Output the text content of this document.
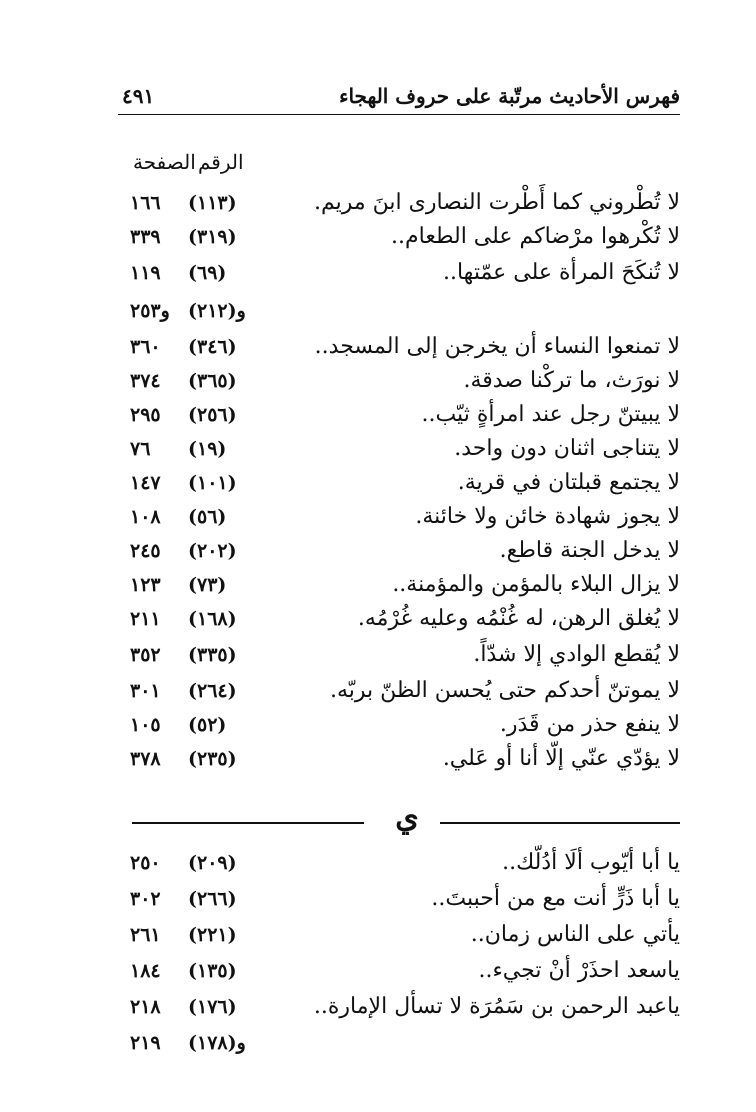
فهرس الأحاديث مرتّبة على حروف الهجاء
٤٩١
الرقم
الصفحة
لا تُطْروني كما أَطْرت النصارى ابنَ مريم.
(١١٣)
١٦٦
لا تُكْرهوا مرْضاكم على الطعام..
(٣١٩)
٣٣٩
لا تُنكَحَ المرأة على عمّتها..
(٦٩)
١١٩
و(٢١٢)
و٢٥٣
لا تمنعوا النساء أن يخرجن إلى المسجد..
(٣٤٦)
٣٦٠
لا نورَث، ما تركْنا صدقة.
(٣٦٥)
٣٧٤
لا يبيتنّ رجل عند امرأةٍ ثيّب..
(٢٥٦)
٢٩٥
لا يتناجى اثنان دون واحد.
(١٩)
٧٦
لا يجتمع قبلتان في قرية.
(١٠١)
١٤٧
لا يجوز شهادة خائن ولا خائنة.
(٥٦)
١٠٨
لا يدخل الجنة قاطع.
(٢٠٢)
٢٤٥
لا يزال البلاء بالمؤمن والمؤمنة..
(٧٣)
١٢٣
لا يُغلق الرهن، له غُنْمُه وعليه غُرْمُه.
(١٦٨)
٢١١
لا يُقطع الوادي إلا شدّاً.
(٣٣٥)
٣٥٢
لا يموتنّ أحدكم حتى يُحسن الظنّ بربّه.
(٢٦٤)
٣٠١
لا ينفع حذر من قَدَر.
(٥٢)
١٠٥
لا يؤدّي عنّي إلّا أنا أو عَلي.
(٢٣٥)
٣٧٨
ي
يا أبا أيّوب ألَا أدُلّك..
(٢٠٩)
٢٥٠
يا أبا ذَرٍّ أنت مع من أحببتَ..
(٢٦٦)
٣٠٢
يأتي على الناس زمان..
(٢٢١)
٢٦١
ياسعد احذَرْ أنْ تجيء..
(١٣٥)
١٨٤
ياعبد الرحمن بن سَمُرَة لا تسأل الإمارة..
(١٧٦)
٢١٨
و(١٧٨)
٢١٩
